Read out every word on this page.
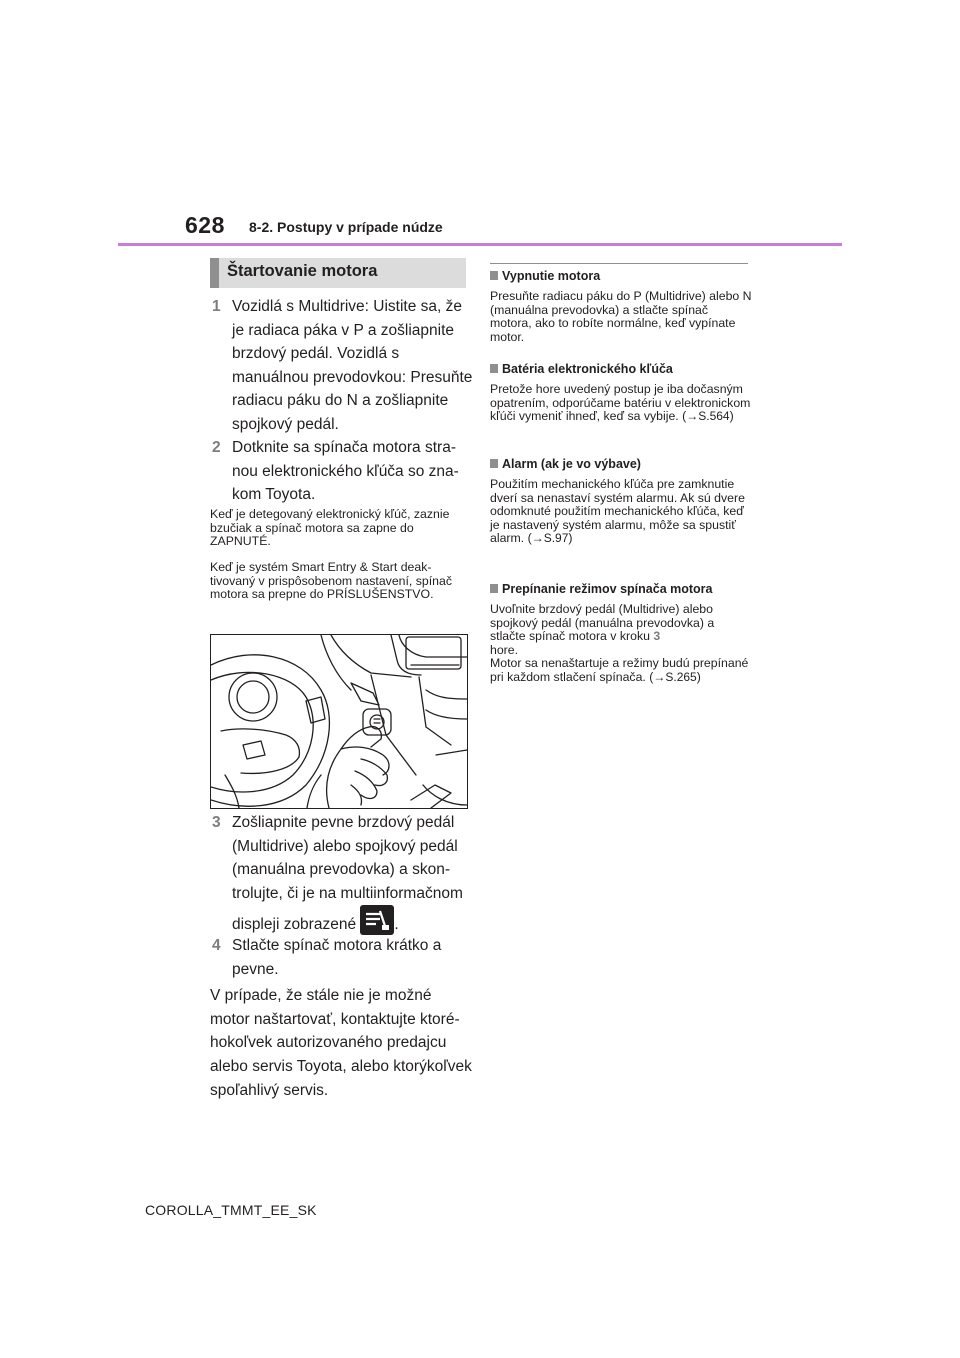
628 8-2. Postupy v prípade núdze
Štartovanie motora
1 Vozidlá s Multidrive: Uistite sa, že je radiaca páka v P a zošliapnite brzdový pedál. Vozidlá s manuálnou prevodovkou: Presuňte radiacu páku do N a zošliapnite spojkový pedál.
2 Dotknite sa spínača motora stranou elektronického kľúča so znakom Toyota.
Keď je detegovaný elektronický kľúč, zaznie bzučiak a spínač motora sa zapne do ZAPNUTÉ.
Keď je systém Smart Entry & Start deaktivovaný v prispôsobenom nastavení, spínač motora sa prepne do PRÍSLUŠENSTVO.
3 Zošliapnite pevne brzdový pedál (Multidrive) alebo spojkový pedál (manuálna prevodovka) a skontrolujte, či je na multiinformačnom displeji zobrazené .
4 Stlačte spínač motora krátko a pevne.
V prípade, že stále nie je možné motor naštartovať, kontaktujte ktoréhokoľvek autorizovaného predajcu alebo servis Toyota, alebo ktorýkoľvek spoľahlivý servis.
Vypnutie motora
Presuňte radiacu páku do P (Multidrive) alebo N (manuálna prevodovka) a stlačte spínač motora, ako to robíte normálne, keď vypínate motor.
Batéria elektronického kľúča
Pretože hore uvedený postup je iba dočasným opatrením, odporúčame batériu v elektronickom kľúči vymeniť ihneď, keď sa vybije. (→S.564)
Alarm (ak je vo výbave)
Použitím mechanického kľúča pre zamknutie dverí sa nenastaví systém alarmu. Ak sú dvere odomknuté použitím mechanického kľúča, keď je nastavený systém alarmu, môže sa spustiť alarm. (→S.97)
Prepínanie režimov spínača motora
Uvoľnite brzdový pedál (Multidrive) alebo spojkový pedál (manuálna prevodovka) a stlačte spínač motora v kroku 3
hore.
Motor sa nenaštartuje a režimy budú prepínané pri každom stlačení spínača. (→S.265)
COROLLA_TMMT_EE_SK
